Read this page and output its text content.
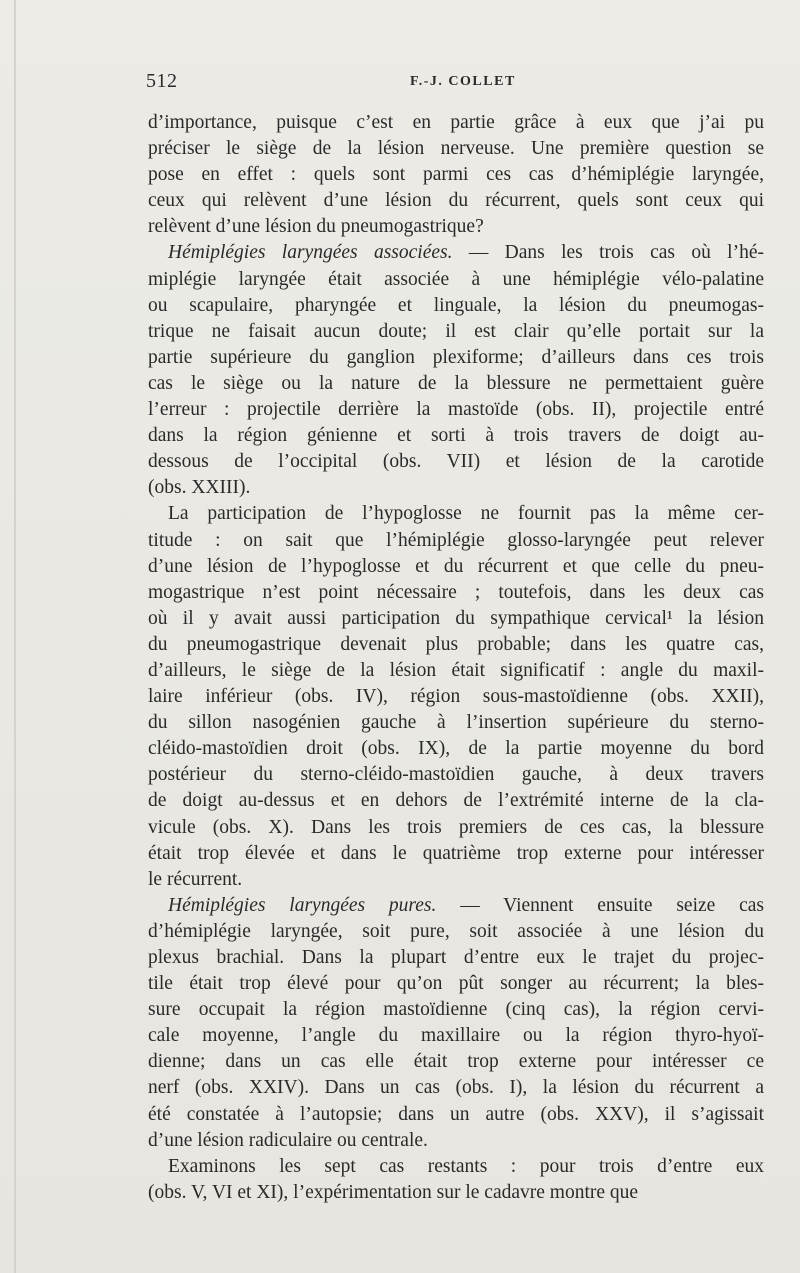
512	F.-J. COLLET
d’importance, puisque c’est en partie grâce à eux que j’ai pu
préciser le siège de la lésion nerveuse. Une première question se
pose en effet : quels sont parmi ces cas d’hémiplégie laryngée,
ceux qui relèvent d’une lésion du récurrent, quels sont ceux qui
relèvent d’une lésion du pneumogastrique?
Hémiplégies laryngées associées. — Dans les trois cas où l’hé-
miplégie laryngée était associée à une hémiplégie vélo-palatine
ou scapulaire, pharyngée et linguale, la lésion du pneumogas-
trique ne faisait aucun doute; il est clair qu’elle portait sur la
partie supérieure du ganglion plexiforme; d’ailleurs dans ces trois
cas le siège ou la nature de la blessure ne permettaient guère
l’erreur : projectile derrière la mastoïde (obs. II), projectile entré
dans la région génienne et sorti à trois travers de doigt au-
dessous de l’occipital (obs. VII) et lésion de la carotide
(obs. XXIII).
La participation de l’hypoglosse ne fournit pas la même cer-
titude : on sait que l’hémiplégie glosso-laryngée peut relever
d’une lésion de l’hypoglosse et du récurrent et que celle du pneu-
mogastrique n’est point nécessaire ; toutefois, dans les deux cas
où il y avait aussi participation du sympathique cervical¹ la lésion
du pneumogastrique devenait plus probable; dans les quatre cas,
d’ailleurs, le siège de la lésion était significatif : angle du maxil-
laire inférieur (obs. IV), région sous-mastoïdienne (obs. XXII),
du sillon nasogénien gauche à l’insertion supérieure du sterno-
cléido-mastoïdien droit (obs. IX), de la partie moyenne du bord
postérieur du sterno-cléido-mastoïdien gauche, à deux travers
de doigt au-dessus et en dehors de l’extrémité interne de la cla-
vicule (obs. X). Dans les trois premiers de ces cas, la blessure
était trop élevée et dans le quatrième trop externe pour intéresser
le récurrent.
Hémiplégies laryngées pures. — Viennent ensuite seize cas
d’hémiplégie laryngée, soit pure, soit associée à une lésion du
plexus brachial. Dans la plupart d’entre eux le trajet du projec-
tile était trop élevé pour qu’on pût songer au récurrent; la bles-
sure occupait la région mastoïdienne (cinq cas), la région cervi-
cale moyenne, l’angle du maxillaire ou la région thyro-hyoï-
dienne; dans un cas elle était trop externe pour intéresser ce
nerf (obs. XXIV). Dans un cas (obs. I), la lésion du récurrent a
été constatée à l’autopsie; dans un autre (obs. XXV), il s’agissait
d’une lésion radiculaire ou centrale.
Examinons les sept cas restants : pour trois d’entre eux
(obs. V, VI et XI), l’expérimentation sur le cadavre montre que
